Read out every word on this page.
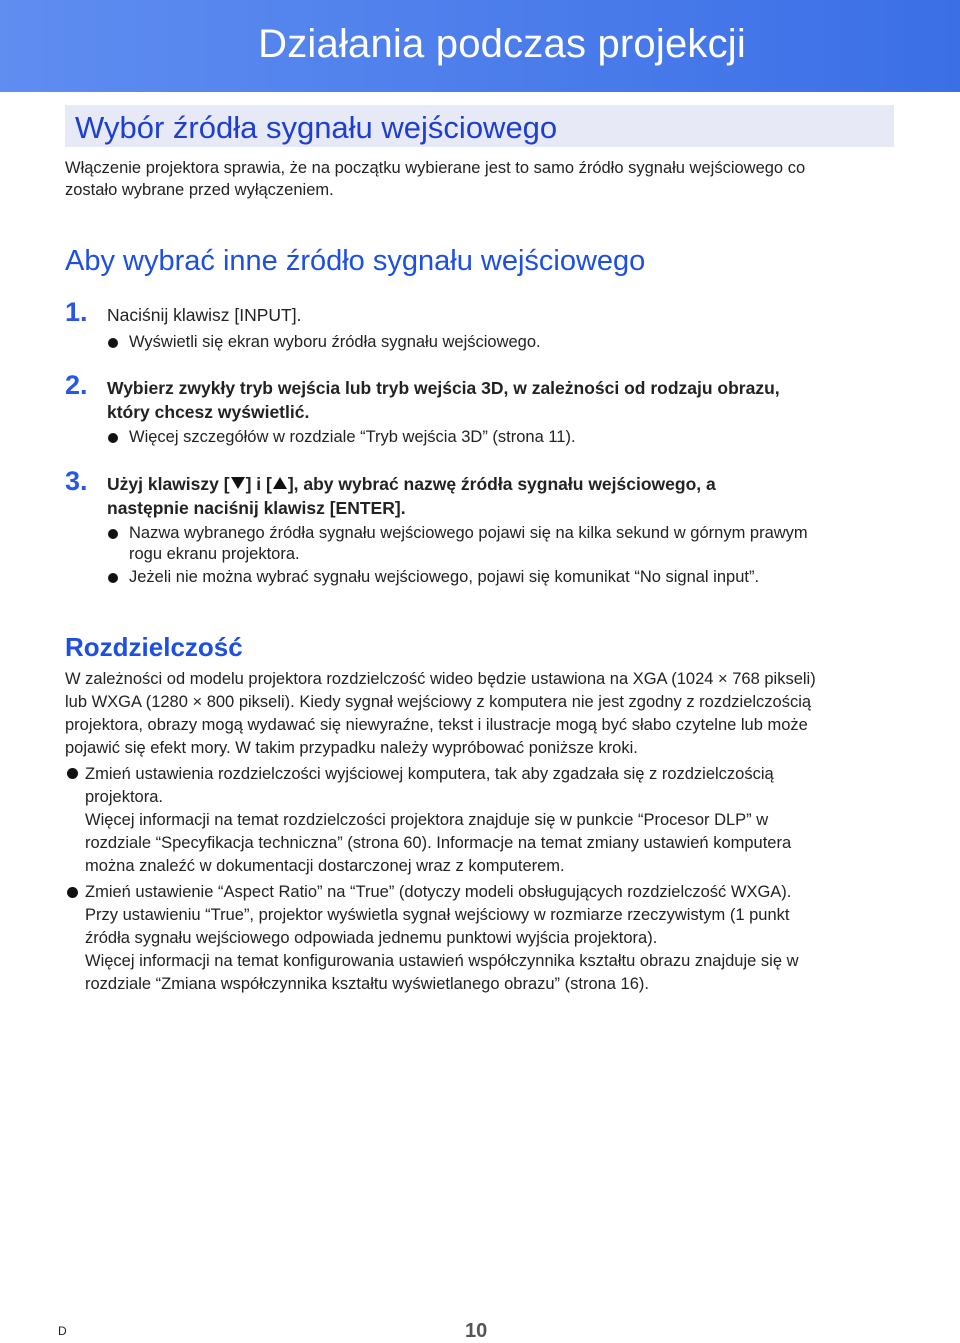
Działania podczas projekcji
Wybór źródła sygnału wejściowego
Włączenie projektora sprawia, że na początku wybierane jest to samo źródło sygnału wejściowego co
zostało wybrane przed wyłączeniem.
Aby wybrać inne źródło sygnału wejściowego
1. Naciśnij klawisz [INPUT].
Wyświetli się ekran wyboru źródła sygnału wejściowego.
2. Wybierz zwykły tryb wejścia lub tryb wejścia 3D, w zależności od rodzaju obrazu,
który chcesz wyświetlić.
Więcej szczegółów w rozdziale “Tryb wejścia 3D” (strona 11).
3. Użyj klawiszy [ ] i [ ], aby wybrać nazwę źródła sygnału wejściowego, a
następnie naciśnij klawisz [ENTER].
Nazwa wybranego źródła sygnału wejściowego pojawi się na kilka sekund w górnym prawym
rogu ekranu projektora.
Jeżeli nie można wybrać sygnału wejściowego, pojawi się komunikat “No signal input”.
Rozdzielczość
W zależności od modelu projektora rozdzielczość wideo będzie ustawiona na XGA (1024 × 768 pikseli)
lub WXGA (1280 × 800 pikseli). Kiedy sygnał wejściowy z komputera nie jest zgodny z rozdzielczością
projektora, obrazy mogą wydawać się niewyraźne, tekst i ilustracje mogą być słabo czytelne lub może
pojawić się efekt mory. W takim przypadku należy wypróbować poniższe kroki.
Zmień ustawienia rozdzielczości wyjściowej komputera, tak aby zgadzała się z rozdzielczością
projektora.
Więcej informacji na temat rozdzielczości projektora znajduje się w punkcie “Procesor DLP” w
rozdziale “Specyfikacja techniczna” (strona 60). Informacje na temat zmiany ustawień komputera
można znaleźć w dokumentacji dostarczonej wraz z komputerem.
Zmień ustawienie “Aspect Ratio” na “True” (dotyczy modeli obsługujących rozdzielczość WXGA).
Przy ustawieniu “True”, projektor wyświetla sygnał wejściowy w rozmiarze rzeczywistym (1 punkt
źródła sygnału wejściowego odpowiada jednemu punktowi wyjścia projektora).
Więcej informacji na temat konfigurowania ustawień współczynnika kształtu obrazu znajduje się w
rozdziale “Zmiana współczynnika kształtu wyświetlanego obrazu” (strona 16).
D	10
